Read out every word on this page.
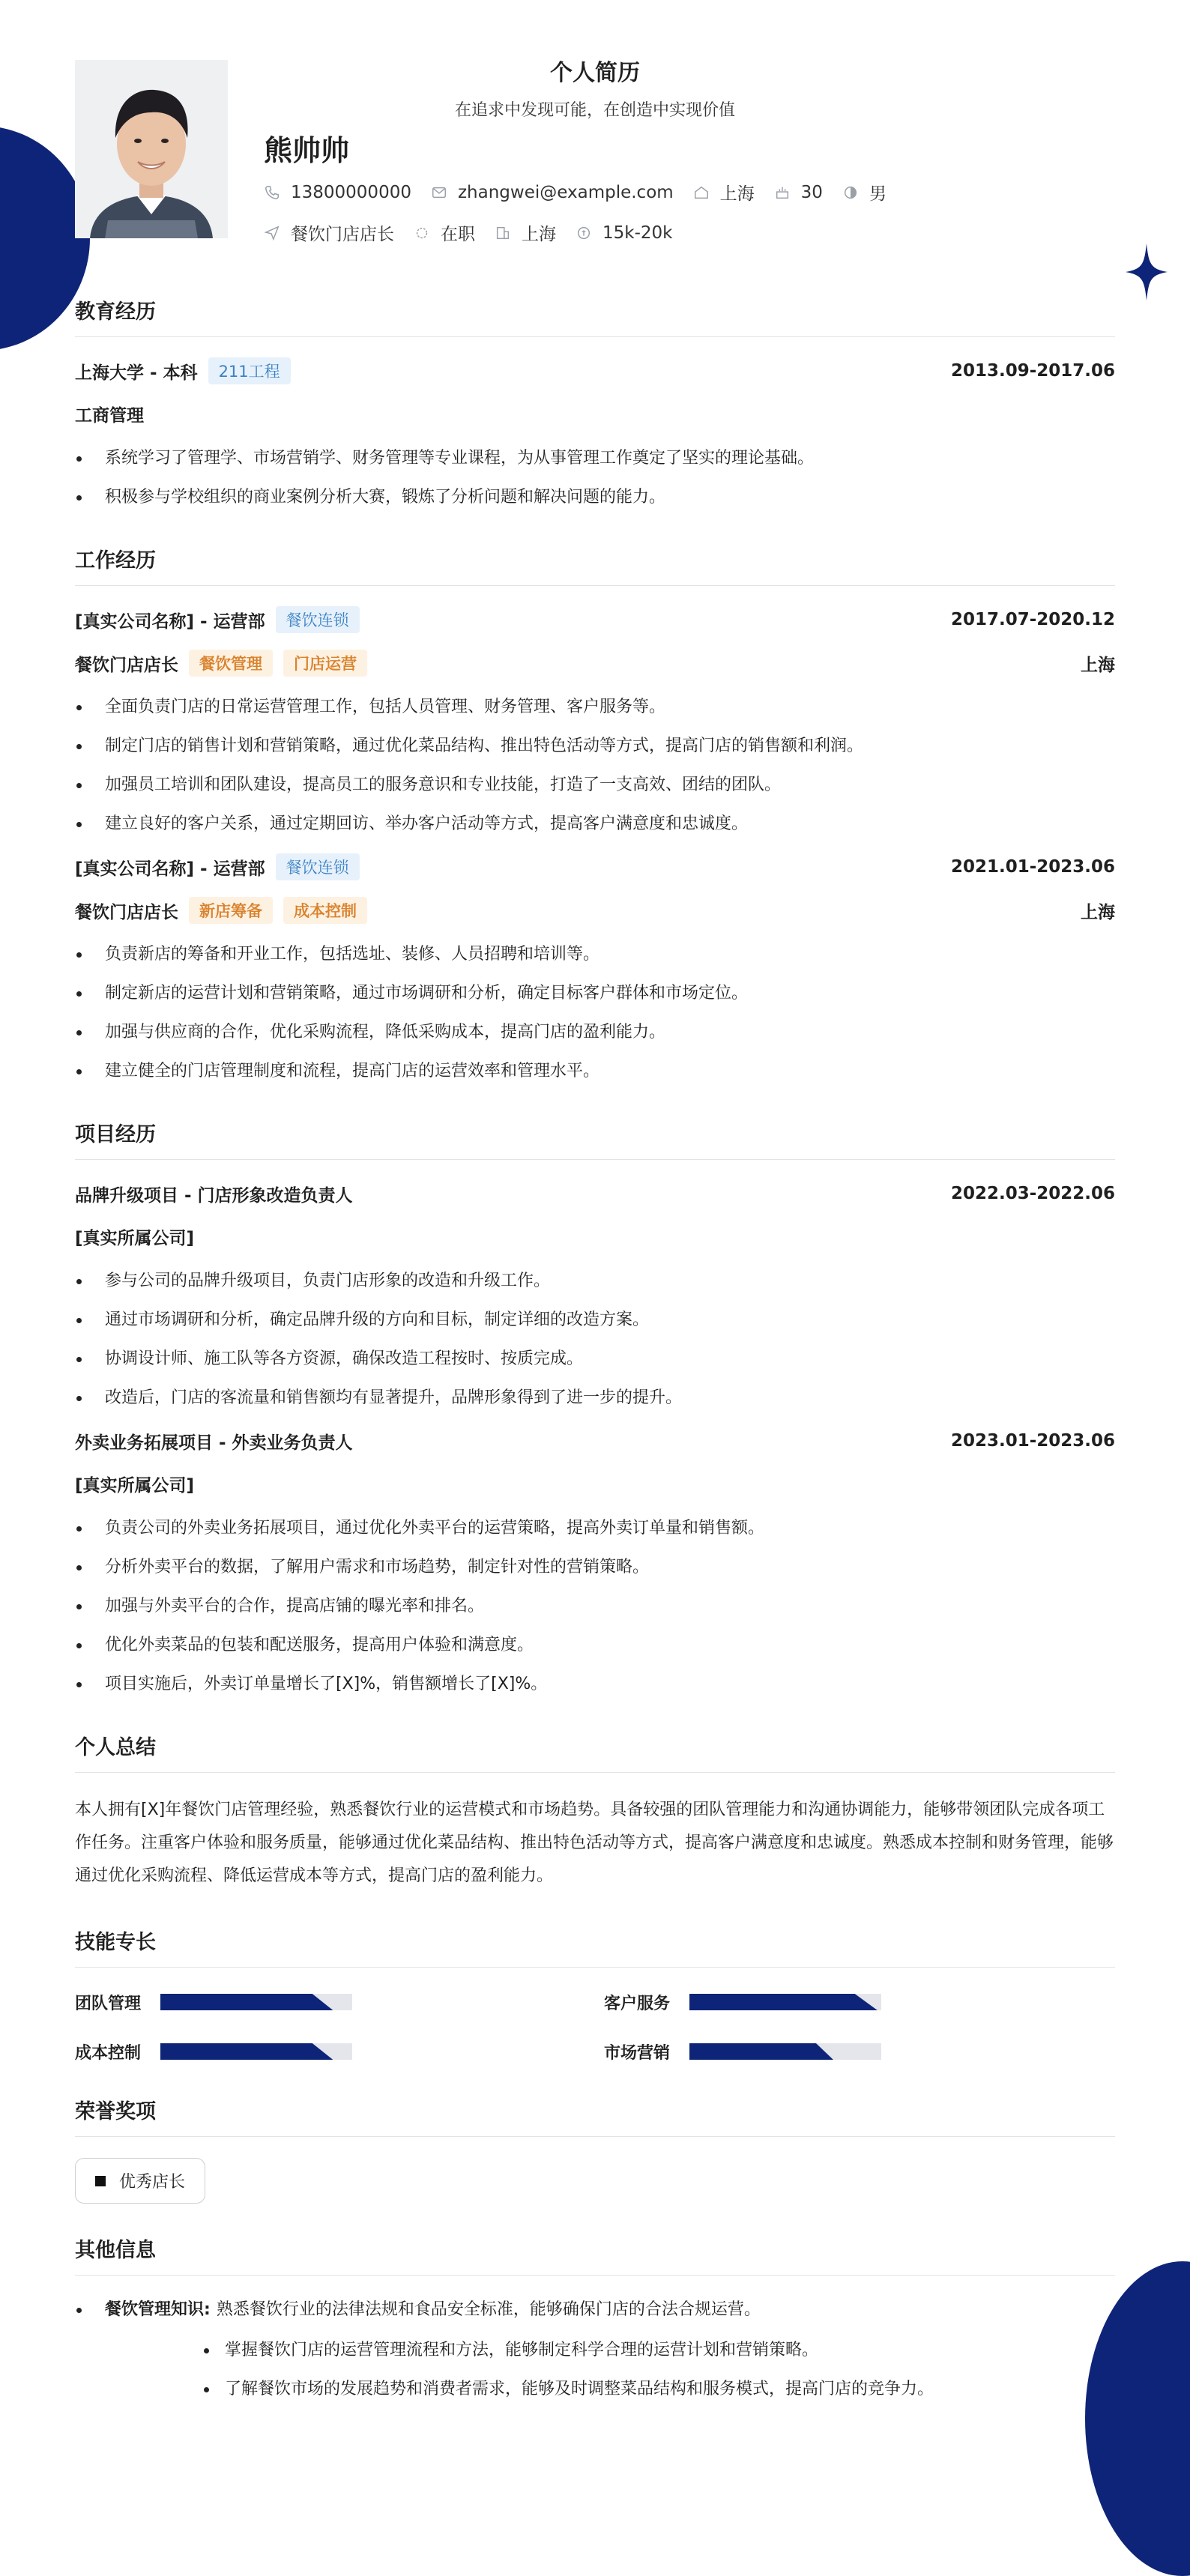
个人简历
在追求中发现可能，在创造中实现价值
熊帅帅
13800000000	zhangwei@example.com	上海	30	男
餐饮门店店长	在职	上海	15k-20k
教育经历
上海大学 - 本科	211工程	2013.09-2017.06
工商管理
系统学习了管理学、市场营销学、财务管理等专业课程，为从事管理工作奠定了坚实的理论基础。
积极参与学校组织的商业案例分析大赛，锻炼了分析问题和解决问题的能力。
工作经历
[真实公司名称] - 运营部	餐饮连锁	2017.07-2020.12
餐饮门店店长	餐饮管理	门店运营	上海
全面负责门店的日常运营管理工作，包括人员管理、财务管理、客户服务等。
制定门店的销售计划和营销策略，通过优化菜品结构、推出特色活动等方式，提高门店的销售额和利润。
加强员工培训和团队建设，提高员工的服务意识和专业技能，打造了一支高效、团结的团队。
建立良好的客户关系，通过定期回访、举办客户活动等方式，提高客户满意度和忠诚度。
[真实公司名称] - 运营部	餐饮连锁	2021.01-2023.06
餐饮门店店长	新店筹备	成本控制	上海
负责新店的筹备和开业工作，包括选址、装修、人员招聘和培训等。
制定新店的运营计划和营销策略，通过市场调研和分析，确定目标客户群体和市场定位。
加强与供应商的合作，优化采购流程，降低采购成本，提高门店的盈利能力。
建立健全的门店管理制度和流程，提高门店的运营效率和管理水平。
项目经历
品牌升级项目 - 门店形象改造负责人	2022.03-2022.06
[真实所属公司]
参与公司的品牌升级项目，负责门店形象的改造和升级工作。
通过市场调研和分析，确定品牌升级的方向和目标，制定详细的改造方案。
协调设计师、施工队等各方资源，确保改造工程按时、按质完成。
改造后，门店的客流量和销售额均有显著提升，品牌形象得到了进一步的提升。
外卖业务拓展项目 - 外卖业务负责人	2023.01-2023.06
[真实所属公司]
负责公司的外卖业务拓展项目，通过优化外卖平台的运营策略，提高外卖订单量和销售额。
分析外卖平台的数据，了解用户需求和市场趋势，制定针对性的营销策略。
加强与外卖平台的合作，提高店铺的曝光率和排名。
优化外卖菜品的包装和配送服务，提高用户体验和满意度。
项目实施后，外卖订单量增长了[X]%，销售额增长了[X]%。
个人总结
本人拥有[X]年餐饮门店管理经验，熟悉餐饮行业的运营模式和市场趋势。具备较强的团队管理能力和沟通协调能力，能够带领团队完成各项工作任务。注重客户体验和服务质量，能够通过优化菜品结构、推出特色活动等方式，提高客户满意度和忠诚度。熟悉成本控制和财务管理，能够通过优化采购流程、降低运营成本等方式，提高门店的盈利能力。
技能专长
团队管理	客户服务
成本控制	市场营销
荣誉奖项
优秀店长
其他信息
餐饮管理知识: 熟悉餐饮行业的法律法规和食品安全标准，能够确保门店的合法合规运营。
掌握餐饮门店的运营管理流程和方法，能够制定科学合理的运营计划和营销策略。
了解餐饮市场的发展趋势和消费者需求，能够及时调整菜品结构和服务模式，提高门店的竞争力。
